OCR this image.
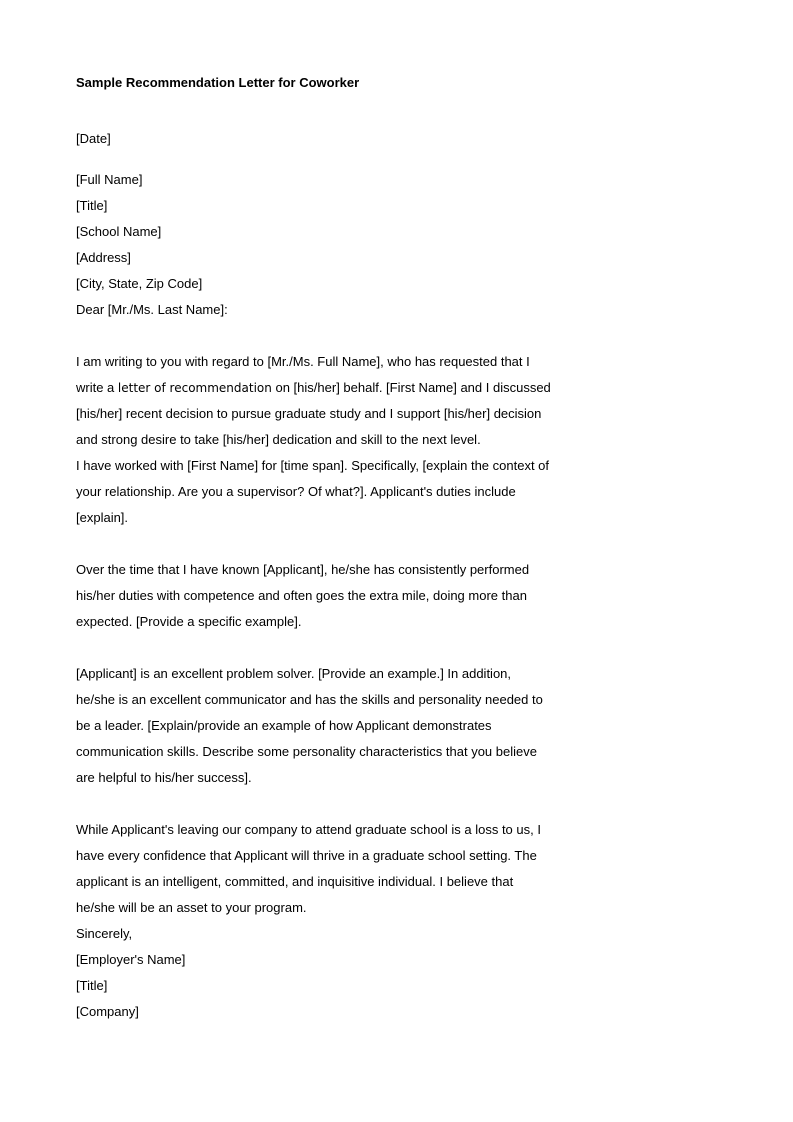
Sample Recommendation Letter for Coworker
[Date]
[Full Name]
[Title]
[School Name]
[Address]
[City, State, Zip Code]
Dear [Mr./Ms. Last Name]:
I am writing to you with regard to [Mr./Ms. Full Name], who has requested that I
write a letter of recommendation on [his/her] behalf. [First Name] and I discussed
[his/her] recent decision to pursue graduate study and I support [his/her] decision
and strong desire to take [his/her] dedication and skill to the next level.
I have worked with [First Name] for [time span]. Specifically, [explain the context of
your relationship. Are you a supervisor? Of what?]. Applicant's duties include
[explain].
Over the time that I have known [Applicant], he/she has consistently performed
his/her duties with competence and often goes the extra mile, doing more than
expected. [Provide a specific example].
[Applicant] is an excellent problem solver. [Provide an example.] In addition,
he/she is an excellent communicator and has the skills and personality needed to
be a leader. [Explain/provide an example of how Applicant demonstrates
communication skills. Describe some personality characteristics that you believe
are helpful to his/her success].
While Applicant's leaving our company to attend graduate school is a loss to us, I
have every confidence that Applicant will thrive in a graduate school setting. The
applicant is an intelligent, committed, and inquisitive individual. I believe that
he/she will be an asset to your program.
Sincerely,
[Employer's Name]
[Title]
[Company]
